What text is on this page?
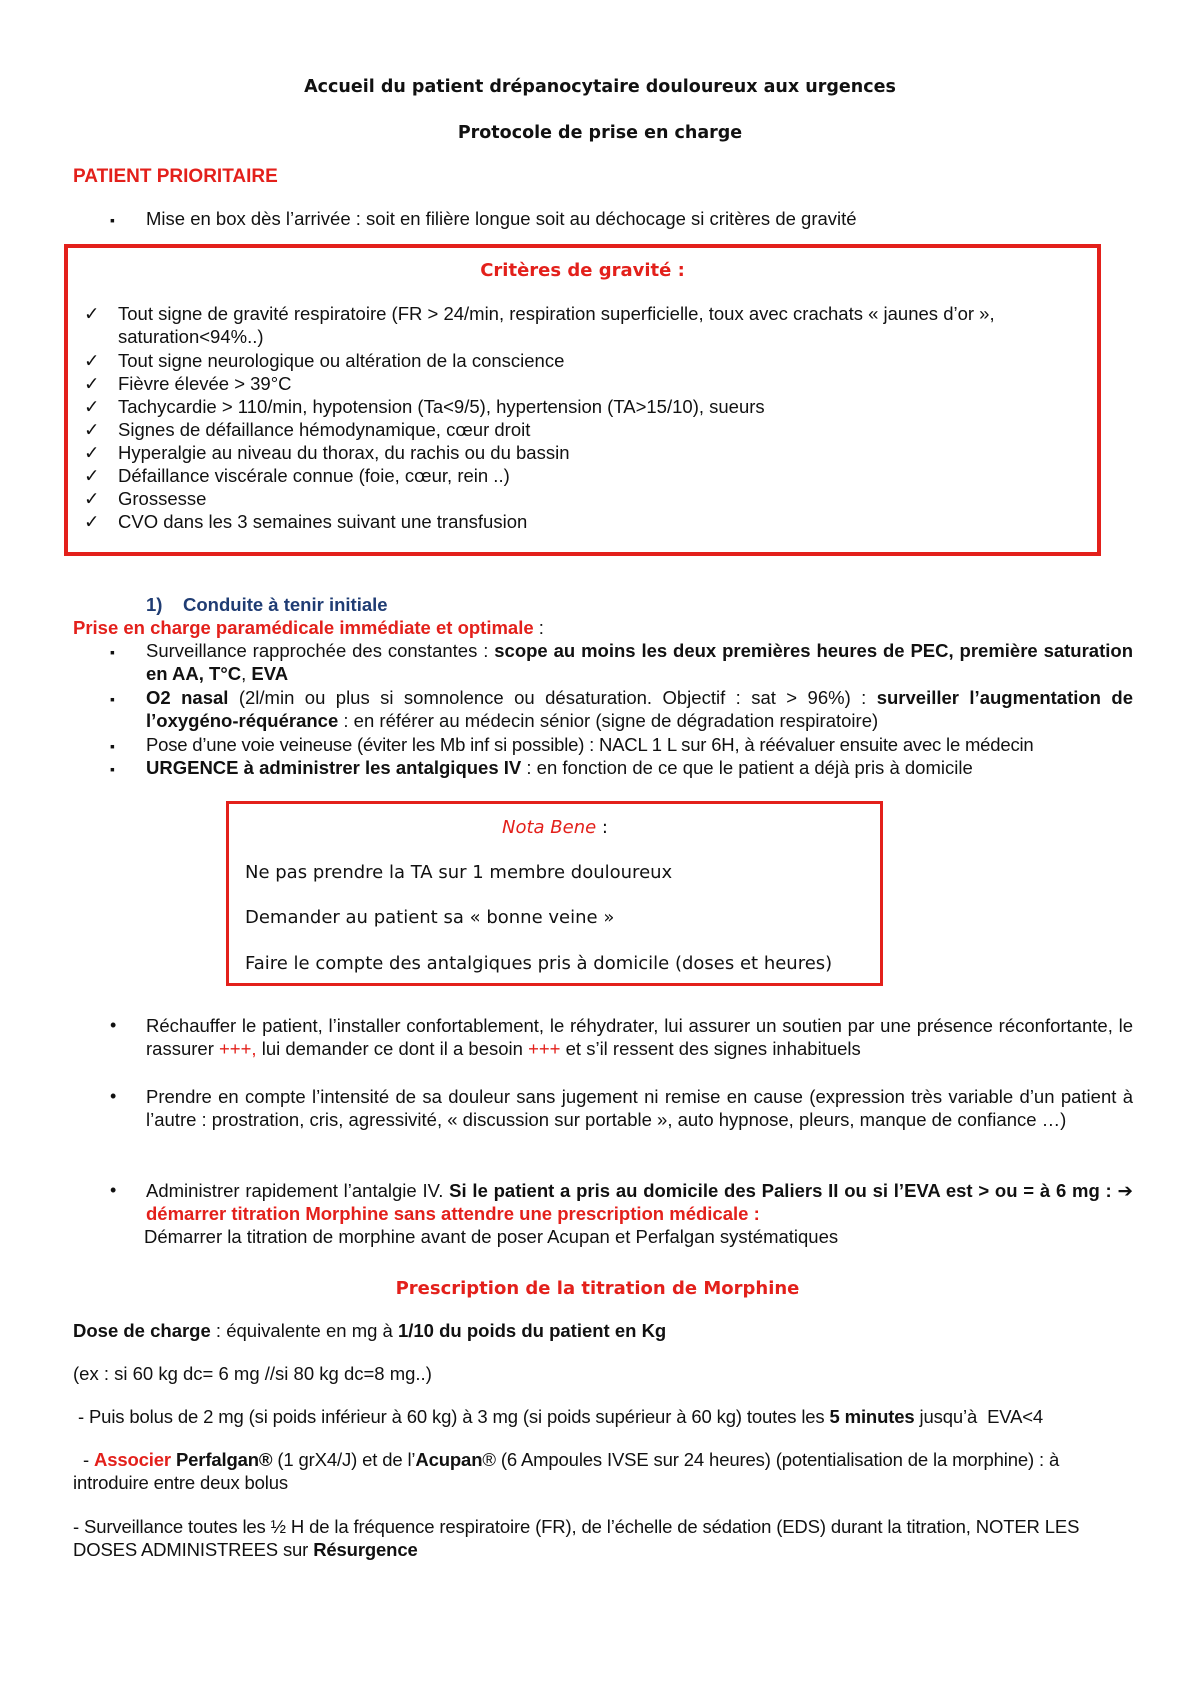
Accueil du patient drépanocytaire douloureux aux urgences
Protocole de prise en charge
PATIENT PRIORITAIRE
▪ Mise en box dès l’arrivée : soit en filière longue soit au déchocage si critères de gravité
Critères de gravité :
✓ Tout signe de gravité respiratoire (FR > 24/min, respiration superficielle, toux avec crachats « jaunes d’or », saturation<94%..)
✓ Tout signe neurologique ou altération de la conscience
✓ Fièvre élevée > 39°C
✓ Tachycardie > 110/min, hypotension (Ta<9/5), hypertension (TA>15/10), sueurs
✓ Signes de défaillance hémodynamique, cœur droit
✓ Hyperalgie au niveau du thorax, du rachis ou du bassin
✓ Défaillance viscérale connue (foie, cœur, rein ..)
✓ Grossesse
✓ CVO dans les 3 semaines suivant une transfusion
1) Conduite à tenir initiale
Prise en charge paramédicale immédiate et optimale :
▪ Surveillance rapprochée des constantes : scope au moins les deux premières heures de PEC, première saturation en AA, T°C, EVA
▪ O2 nasal (2l/min ou plus si somnolence ou désaturation. Objectif : sat > 96%) : surveiller l’augmentation de l’oxygéno-réquérance : en référer au médecin sénior (signe de dégradation respiratoire)
▪ Pose d’une voie veineuse (éviter les Mb inf si possible) : NACL 1 L sur 6H, à réévaluer ensuite avec le médecin
▪ URGENCE à administrer les antalgiques IV : en fonction de ce que le patient a déjà pris à domicile
Nota Bene :
Ne pas prendre la TA sur 1 membre douloureux
Demander au patient sa « bonne veine »
Faire le compte des antalgiques pris à domicile (doses et heures)
• Réchauffer le patient, l’installer confortablement, le réhydrater, lui assurer un soutien par une présence réconfortante, le rassurer +++, lui demander ce dont il a besoin +++ et s’il ressent des signes inhabituels
• Prendre en compte l’intensité de sa douleur sans jugement ni remise en cause (expression très variable d’un patient à l’autre : prostration, cris, agressivité, « discussion sur portable », auto hypnose, pleurs, manque de confiance …)
• Administrer rapidement l’antalgie IV. Si le patient a pris au domicile des Paliers II ou si l’EVA est > ou = à 6 mg : ➔ démarrer titration Morphine sans attendre une prescription médicale :
Démarrer la titration de morphine avant de poser Acupan et Perfalgan systématiques
Prescription de la titration de Morphine
Dose de charge : équivalente en mg à 1/10 du poids du patient en Kg
(ex : si 60 kg dc= 6 mg //si 80 kg dc=8 mg..)
- Puis bolus de 2 mg (si poids inférieur à 60 kg) à 3 mg (si poids supérieur à 60 kg) toutes les 5 minutes jusqu’à  EVA<4
- Associer Perfalgan® (1 grX4/J) et de l’Acupan® (6 Ampoules IVSE sur 24 heures) (potentialisation de la morphine) : à introduire entre deux bolus
- Surveillance toutes les ½ H de la fréquence respiratoire (FR), de l’échelle de sédation (EDS) durant la titration, NOTER LES DOSES ADMINISTREES sur Résurgence
